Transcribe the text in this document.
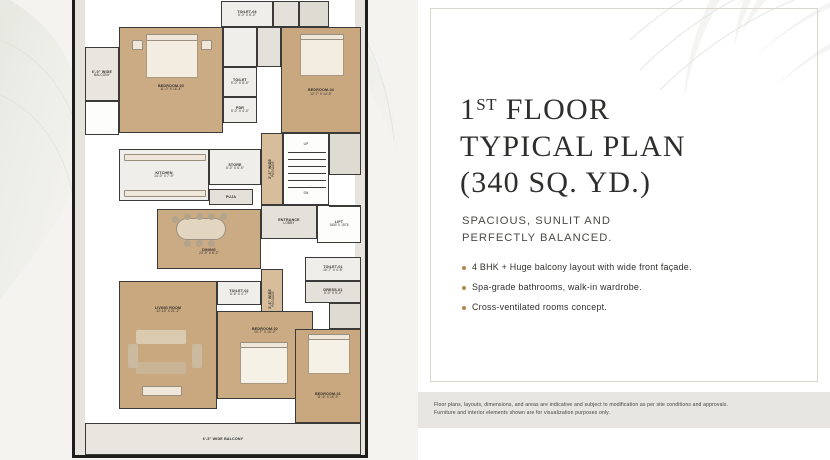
TOILET-04
5'-0" X 6'-0"
BEDROOM-03
11'-0" X 16'-4"	BEDROOM-04
12'-7" X 14'-5"
6'-0" WIDE
BALCONY
TOILET
5'-0" X 8'-0"
PDR
5'-0" X 4'-0"
KITCHEN
14'-0" X 7'-9"
STORE
5'-0" X 6'-9"
PUJA
3'-6" WIDE PASSAGE
UP
DN
ENTRANCE
LOBBY	LIFT
1650 X 1575
DINING
23'-9" X 8'-2"
3'-6" WIDE PASSAGE
TOILET-01
10'-7" X 4'-5"
DRESS-01
5'-0" X 5'-0"
LIVING ROOM
12'-10" X 21'-2"
TOILET-02
6'-6" X 4'-7"
BEDROOM-02
10'-7" X 16'-0"
BEDROOM-01
11'-6" X 16'-9"
6'-5" WIDE BALCONY
1ST FLOOR
TYPICAL PLAN
(340 SQ. YD.)
SPACIOUS, SUNLIT AND
PERFECTLY BALANCED.
4 BHK + Huge balcony layout with wide front façade.
Spa-grade bathrooms, walk-in wardrobe.
Cross-ventilated rooms concept.
Floor plans, layouts, dimensions, and areas are indicative and subject to modification as per site conditions and approvals.
Furniture and interior elements shown are for visualization purposes only.
